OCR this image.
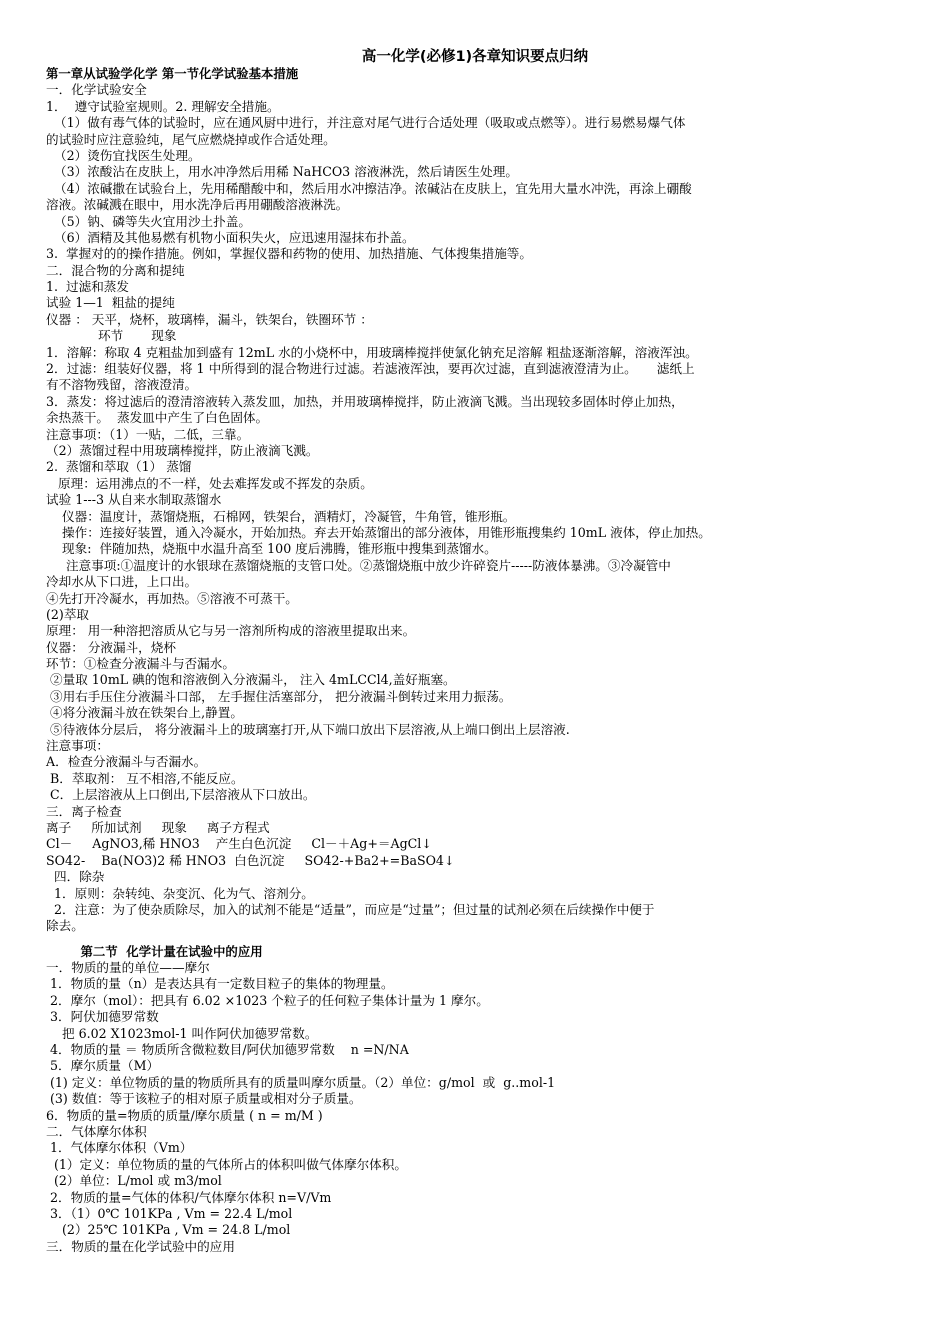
高一化学(必修1)各章知识要点归纳
第一章从试验学化学 第一节化学试验基本措施
一．化学试验安全
1．  遵守试验室规则。2. 理解安全措施。
（1）做有毒气体的试验时，应在通风厨中进行，并注意对尾气进行合适处理（吸取或点燃等）。进行易燃易爆气体
的试验时应注意验纯，尾气应燃烧掉或作合适处理。
（2）烫伤宜找医生处理。
（3）浓酸沾在皮肤上，用水冲净然后用稀 NaHCO3 溶液淋洗，然后请医生处理。
（4）浓碱撒在试验台上，先用稀醋酸中和，然后用水冲擦洁净。浓碱沾在皮肤上，宜先用大量水冲洗，再涂上硼酸
溶液。浓碱溅在眼中，用水洗净后再用硼酸溶液淋洗。
（5）钠、磷等失火宜用沙土扑盖。
（6）酒精及其他易燃有机物小面积失火，应迅速用湿抹布扑盖。
3.  掌握对的的操作措施。例如，掌握仪器和药物的使用、加热措施、气体搜集措施等。
二．混合物的分离和提纯
1.  过滤和蒸发
试验 1—1  粗盐的提纯
仪器 ： 天平，烧杯，玻璃棒，漏斗，铁架台，铁圈环节 ：
环节       现象
1．溶解：称取 4 克粗盐加到盛有 12mL 水的小烧杯中，用玻璃棒搅拌使氯化钠充足溶解 粗盐逐渐溶解，溶液浑浊。
2．过滤：组装好仪器，将 1 中所得到的混合物进行过滤。若滤液浑浊，要再次过滤，直到滤液澄清为止。     滤纸上
有不溶物残留，溶液澄清。
3．蒸发：将过滤后的澄清溶液转入蒸发皿，加热，并用玻璃棒搅拌，防止液滴飞溅。当出现较多固体时停止加热，
余热蒸干。  蒸发皿中产生了白色固体。
注意事项：（1）一贴，二低，三靠。
（2）蒸馏过程中用玻璃棒搅拌，防止液滴飞溅。
2.  蒸馏和萃取（1） 蒸馏
原理：运用沸点的不一样，处去难挥发或不挥发的杂质。
试验 1---3 从自来水制取蒸馏水
仪器：温度计，蒸馏烧瓶，石棉网，铁架台，酒精灯，冷凝管，牛角管，锥形瓶。
操作：连接好装置，通入冷凝水，开始加热。弃去开始蒸馏出的部分液体，用锥形瓶搜集约 10mL 液体，停止加热。
现象:  伴随加热，烧瓶中水温升高至 100 度后沸腾，锥形瓶中搜集到蒸馏水。
注意事项:①温度计的水银球在蒸馏烧瓶的支管口处。②蒸馏烧瓶中放少许碎瓷片-----防液体暴沸。③冷凝管中
冷却水从下口进，上口出。
④先打开冷凝水，再加热。⑤溶液不可蒸干。
(2)萃取
原理： 用一种溶把溶质从它与另一溶剂所构成的溶液里提取出来。
仪器： 分液漏斗，烧杯
环节：①检查分液漏斗与否漏水。
②量取 10mL 碘的饱和溶液倒入分液漏斗， 注入 4mLCCl4,盖好瓶塞。
③用右手压住分液漏斗口部， 左手握住活塞部分， 把分液漏斗倒转过来用力振荡。
④将分液漏斗放在铁架台上,静置。
⑤待液体分层后， 将分液漏斗上的玻璃塞打开,从下端口放出下层溶液,从上端口倒出上层溶液.
注意事项：
A．检查分液漏斗与否漏水。
B．萃取剂： 互不相溶,不能反应。
C．上层溶液从上口倒出,下层溶液从下口放出。
三．离子检查
离子     所加试剂     现象     离子方程式
Cl－     AgNO3,稀 HNO3    产生白色沉淀     Cl－＋Ag+＝AgCl↓
SO42-    Ba(NO3)2 稀 HNO3  白色沉淀     SO42-+Ba2+=BaSO4↓
四．除杂
1．原则：杂转纯、杂变沉、化为气、溶剂分。
2．注意：为了使杂质除尽，加入的试剂不能是“适量”，而应是“过量”；但过量的试剂必须在后续操作中便于
除去。
第二节  化学计量在试验中的应用
一．物质的量的单位——摩尔
1．物质的量（n）是表达具有一定数目粒子的集体的物理量。
2．摩尔（mol）：把具有 6.02 ×1023 个粒子的任何粒子集体计量为 1 摩尔。
3．阿伏加德罗常数
把 6.02 X1023mol-1 叫作阿伏加德罗常数。
4．物质的量 ＝ 物质所含微粒数目/阿伏加德罗常数    n =N/NA
5．摩尔质量（M）
(1) 定义：单位物质的量的物质所具有的质量叫摩尔质量。（2）单位：g/mol  或  g..mol-1
(3) 数值：等于该粒子的相对原子质量或相对分子质量。
6．物质的量=物质的质量/摩尔质量 ( n = m/M )
二．气体摩尔体积
1．气体摩尔体积（Vm）
(1）定义：单位物质的量的气体所占的体积叫做气体摩尔体积。
(2）单位：L/mol 或 m3/mol
2．物质的量=气体的体积/气体摩尔体积 n=V/Vm
3．（1）0℃ 101KPa , Vm = 22.4 L/mol
(2）25℃ 101KPa , Vm = 24.8 L/mol
三．物质的量在化学试验中的应用
